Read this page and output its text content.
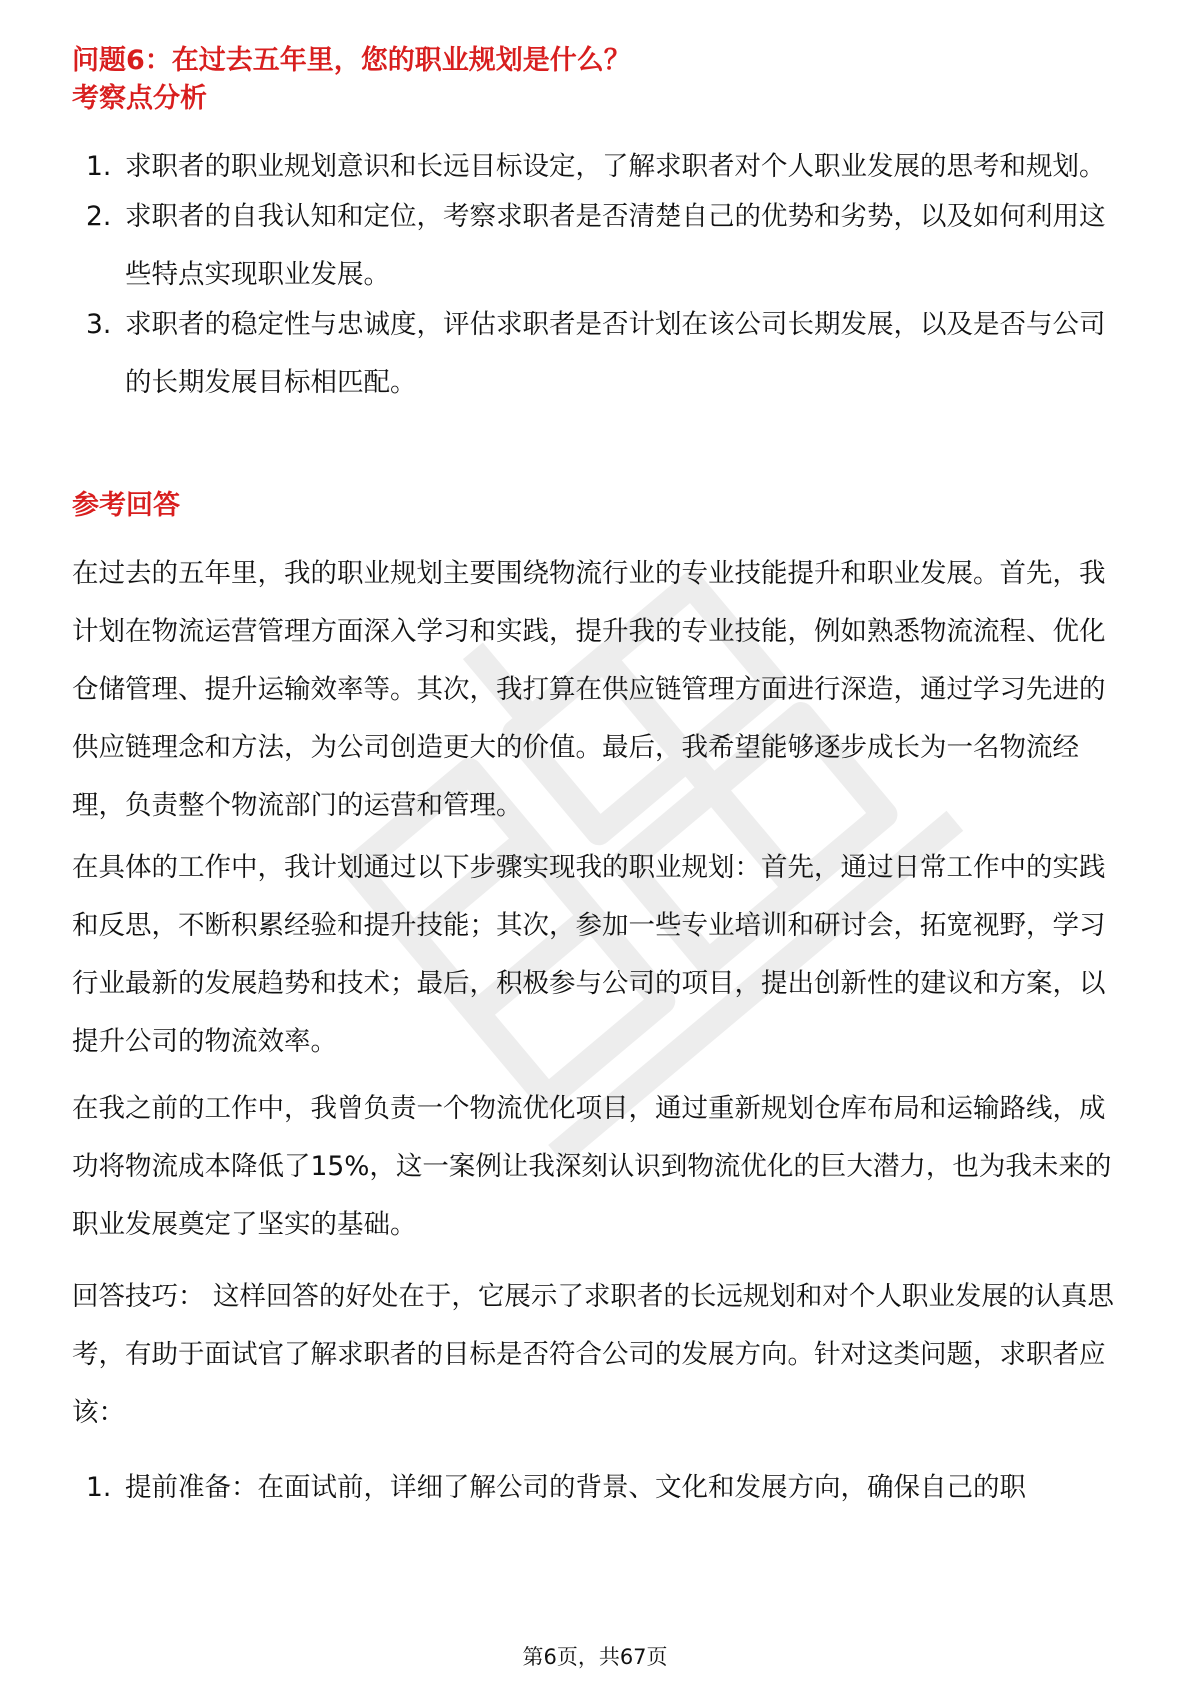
问题6：在过去五年里，您的职业规划是什么？
考察点分析
1. 求职者的职业规划意识和长远目标设定，了解求职者对个人职业发展的思考和规划。
2. 求职者的自我认知和定位，考察求职者是否清楚自己的优势和劣势，以及如何利用这些特点实现职业发展。
3. 求职者的稳定性与忠诚度，评估求职者是否计划在该公司长期发展，以及是否与公司的长期发展目标相匹配。
参考回答

在过去的五年里，我的职业规划主要围绕物流行业的专业技能提升和职业发展。首先，我计划在物流运营管理方面深入学习和实践，提升我的专业技能，例如熟悉物流流程、优化仓储管理、提升运输效率等。其次，我打算在供应链管理方面进行深造，通过学习先进的供应链理念和方法，为公司创造更大的价值。最后，我希望能够逐步成长为一名物流经理，负责整个物流部门的运营和管理。

在具体的工作中，我计划通过以下步骤实现我的职业规划：首先，通过日常工作中的实践和反思，不断积累经验和提升技能；其次，参加一些专业培训和研讨会，拓宽视野，学习行业最新的发展趋势和技术；最后，积极参与公司的项目，提出创新性的建议和方案，以提升公司的物流效率。

在我之前的工作中，我曾负责一个物流优化项目，通过重新规划仓库布局和运输路线，成功将物流成本降低了15%，这一案例让我深刻认识到物流优化的巨大潜力，也为我未来的职业发展奠定了坚实的基础。

回答技巧： 这样回答的好处在于，它展示了求职者的长远规划和对个人职业发展的认真思考，有助于面试官了解求职者的目标是否符合公司的发展方向。针对这类问题，求职者应该：

1. 提前准备：在面试前，详细了解公司的背景、文化和发展方向，确保自己的职
第6页，共67页
